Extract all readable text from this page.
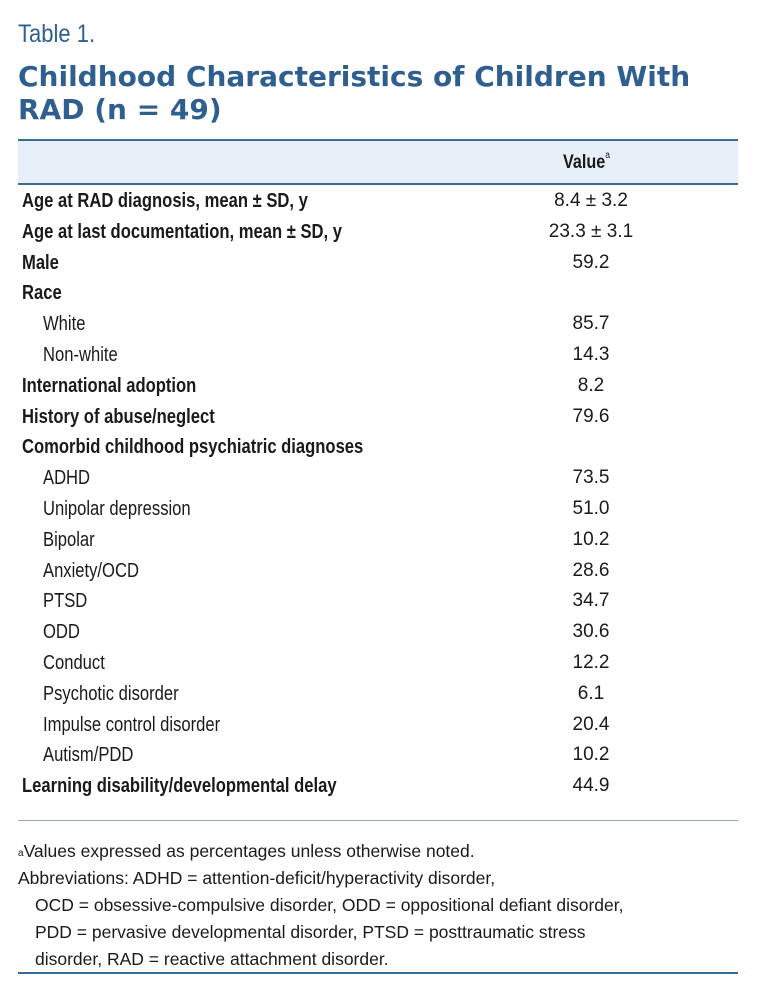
Table 1.
Childhood Characteristics of Children With RAD (n = 49)
Value$^a$
Age at RAD diagnosis, mean ± SD, y	8.4 ± 3.2
Age at last documentation, mean ± SD, y	23.3 ± 3.1
Male	59.2
Race
White	85.7
Non-white	14.3
International adoption	8.2
History of abuse/neglect	79.6
Comorbid childhood psychiatric diagnoses
ADHD	73.5
Unipolar depression	51.0
Bipolar	10.2
Anxiety/OCD	28.6
PTSD	34.7
ODD	30.6
Conduct	12.2
Psychotic disorder	6.1
Impulse control disorder	20.4
Autism/PDD	10.2
Learning disability/developmental delay	44.9
$^a$Values expressed as percentages unless otherwise noted.
Abbreviations: ADHD = attention-deficit/hyperactivity disorder,
OCD = obsessive-compulsive disorder, ODD = oppositional defiant disorder,
PDD = pervasive developmental disorder, PTSD = posttraumatic stress
disorder, RAD = reactive attachment disorder.
